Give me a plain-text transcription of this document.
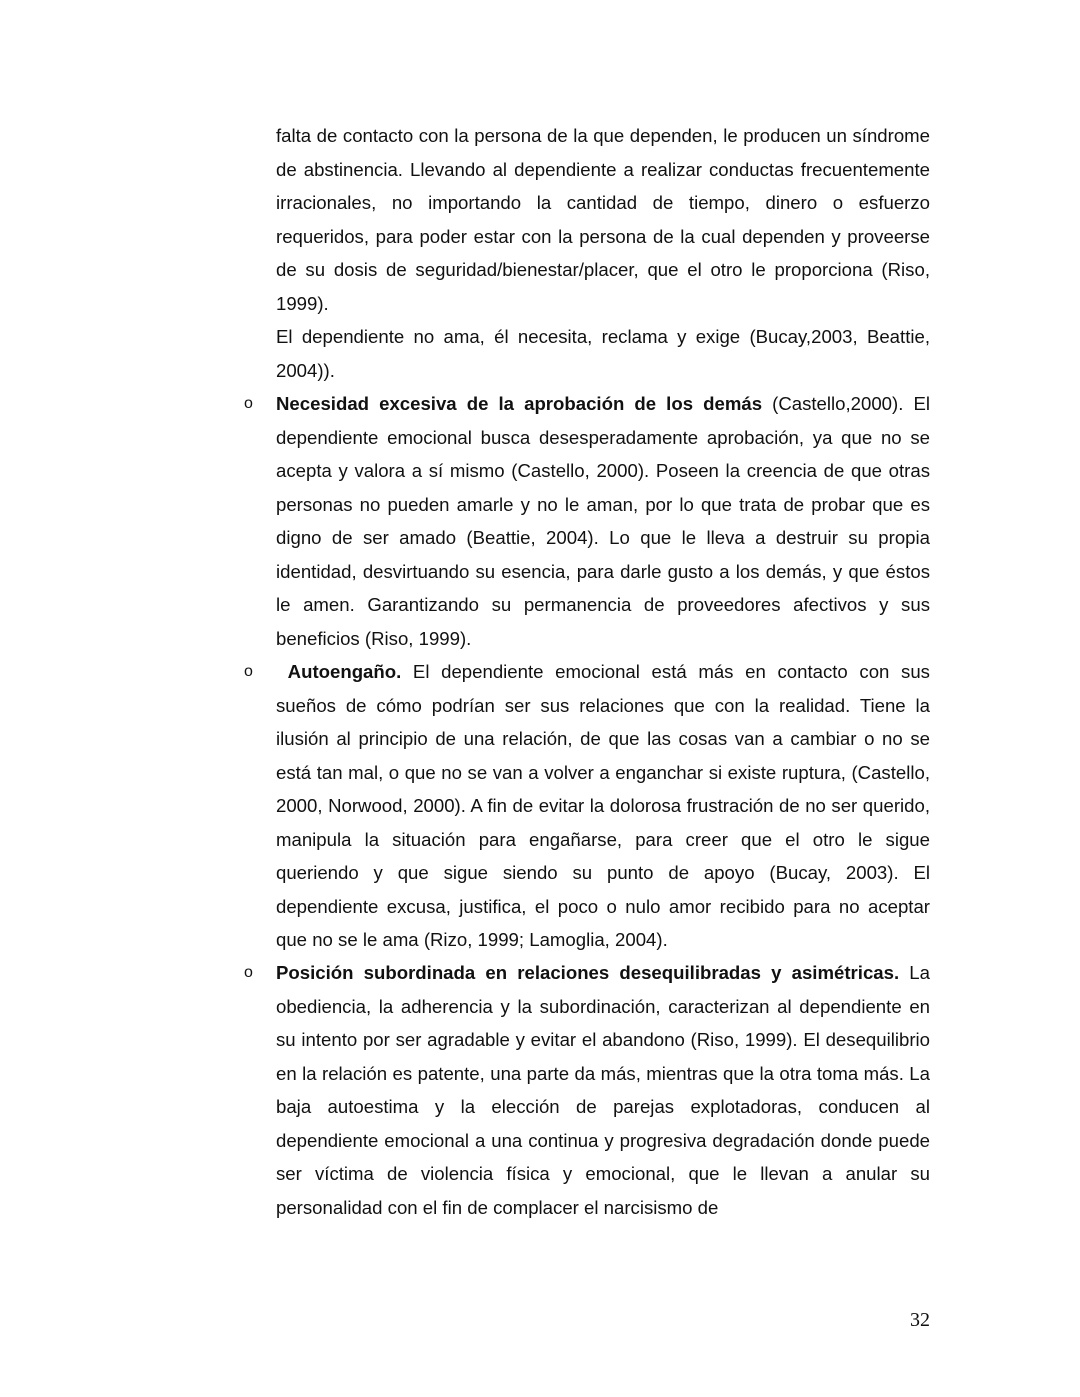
falta de contacto con la persona de la que dependen, le producen un síndrome de abstinencia. Llevando al dependiente a realizar conductas frecuentemente irracionales, no importando la cantidad de tiempo, dinero o esfuerzo requeridos, para poder estar con la persona de la cual dependen y proveerse de su dosis de seguridad/bienestar/placer, que el otro le proporciona (Riso, 1999).

El dependiente no ama, él necesita, reclama y exige (Bucay,2003, Beattie, 2004)).

o Necesidad excesiva de la aprobación de los demás (Castello,2000). El dependiente emocional busca desesperadamente aprobación, ya que no se acepta y valora a sí mismo (Castello, 2000). Poseen la creencia de que otras personas no pueden amarle y no le aman, por lo que trata de probar que es digno de ser amado (Beattie, 2004). Lo que le lleva a destruir su propia identidad, desvirtuando su esencia, para darle gusto a los demás, y que éstos le amen. Garantizando su permanencia de proveedores afectivos y sus beneficios (Riso, 1999).

o	Autoengaño. El dependiente emocional está más en contacto con sus sueños de cómo podrían ser sus relaciones que con la realidad. Tiene la ilusión al principio de una relación, de que las cosas van a cambiar o no se está tan mal, o que no se van a volver a enganchar si existe ruptura, (Castello, 2000, Norwood, 2000). A fin de evitar la dolorosa frustración de no ser querido, manipula la situación para engañarse, para creer que el otro le sigue queriendo y que sigue siendo su punto de apoyo (Bucay, 2003). El dependiente excusa, justifica, el poco o nulo amor recibido para no aceptar que no se le ama (Rizo, 1999; Lamoglia, 2004).

o Posición subordinada en relaciones desequilibradas y asimétricas. La obediencia, la adherencia y la subordinación, caracterizan al dependiente en su intento por ser agradable y evitar el abandono (Riso, 1999). El desequilibrio en la relación es patente, una parte da más, mientras que la otra toma más. La baja autoestima y la elección de parejas explotadoras, conducen al dependiente emocional a una continua y progresiva degradación donde puede ser víctima de violencia física y emocional, que le llevan a anular su personalidad con el fin de complacer el narcisismo de

32
